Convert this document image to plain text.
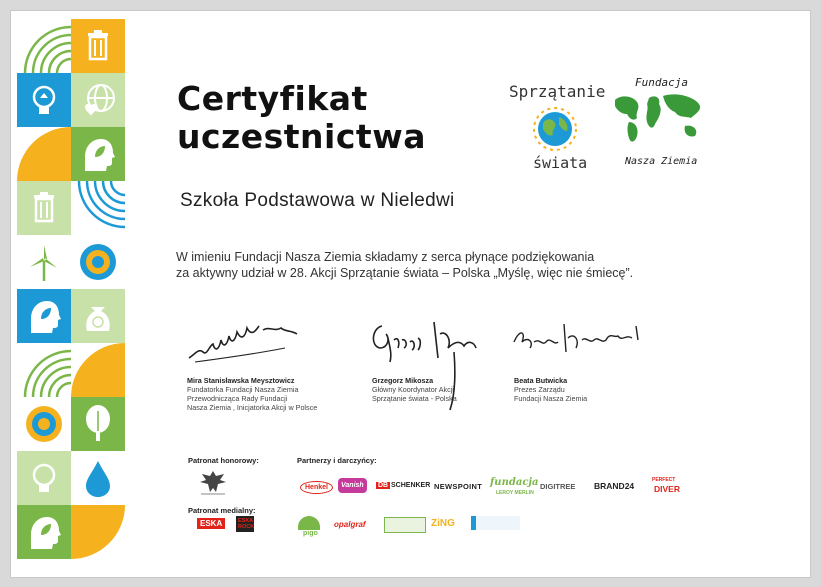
Certyfikat
uczestnictwa
Sprzątanie
świata
Fundacja
Nasza Ziemia
Szkoła Podstawowa w Nieledwi
W imieniu Fundacji Nasza Ziemia składamy z serca płynące podziękowania
za aktywny udział w 28. Akcji Sprzątanie świata – Polska „Myślę, więc nie śmiecę”.
Mira Stanisławska Meysztowicz
Fundatorka Fundacji Nasza Ziemia
Przewodnicząca Rady Fundacji
Nasza Ziemia , Inicjatorka Akcji w Polsce
Grzegorz Mikosza
Główny Koordynator Akcji
Sprzątanie świata - Polska
Beata Butwicka
Prezes Zarządu
Fundacji Nasza Ziemia
Patronat honorowy:	Partnerzy i darczyńcy:
Patronat medialny:
ESKA	ESKA ROCK
Henkel	Vanish	DB SCHENKER NEWSPOINT fundacja
LEROY MERLIN
DIGITREE BRAND24
PERFECT
DIVER
pigo
opalgraf	ZiNG
